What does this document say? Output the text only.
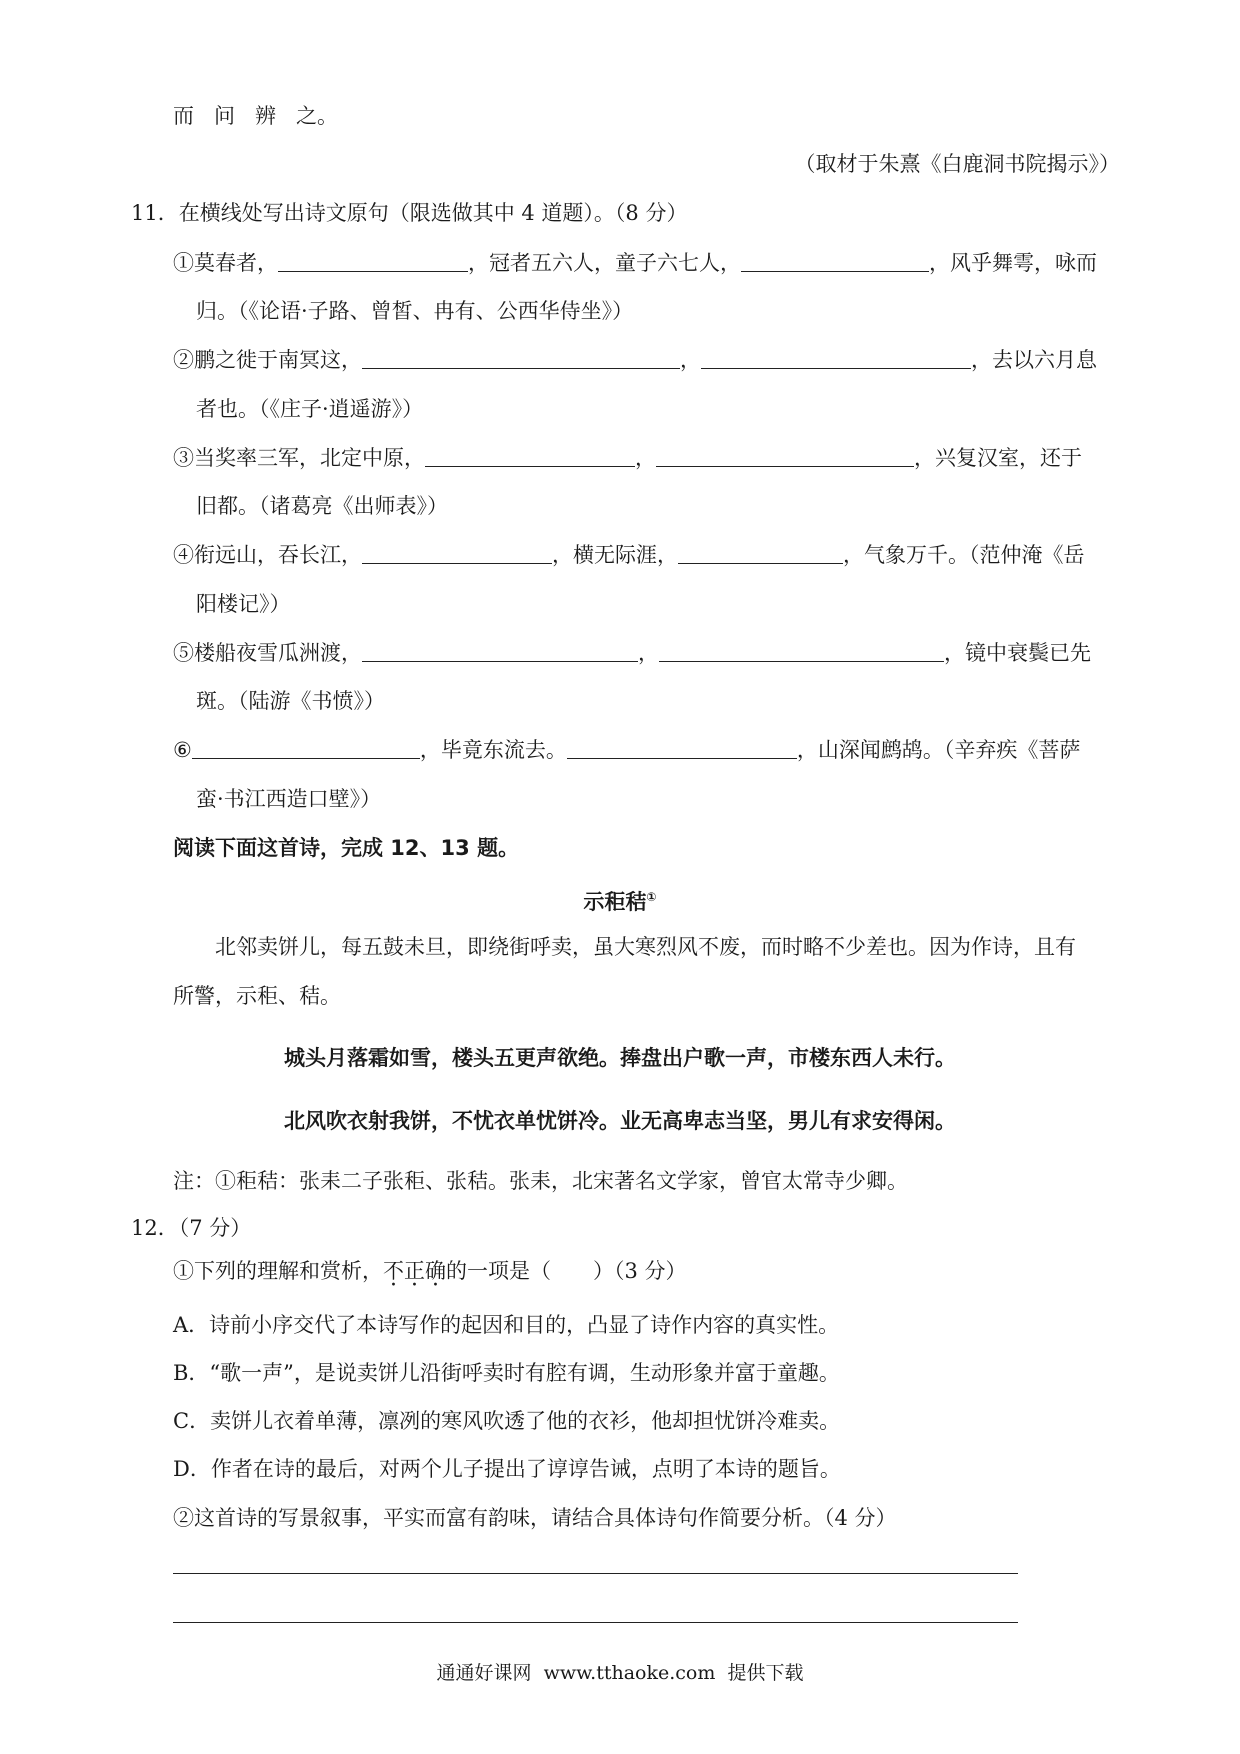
而 问 辨 之。
（取材于朱熹《白鹿洞书院揭示》）
11．在横线处写出诗文原句（限选做其中 4 道题）。（8 分）
①莫春者，	，冠者五六人，童子六七人，	，风乎舞雩，咏而
归。（《论语·子路、曾皙、冉有、公西华侍坐》）
②鹏之徙于南冥这，	，	，去以六月息
者也。（《庄子·逍遥游》）
③当奖率三军，北定中原，	，	，兴复汉室，还于
旧都。（诸葛亮《出师表》）
④衔远山，吞长江，	，横无际涯，	，气象万千。（范仲淹《岳
阳楼记》）
⑤楼船夜雪瓜洲渡，	，	，镜中衰鬓已先
斑。（陆游《书愤》）
⑥	，毕竟东流去。	，山深闻鹧鸪。（辛弃疾《菩萨
蛮·书江西造口壁》）
阅读下面这首诗，完成 12、13 题。
示秬秸①
北邻卖饼儿，每五鼓未旦，即绕街呼卖，虽大寒烈风不废，而时略不少差也。因为作诗，且有
所警，示秬、秸。
城头月落霜如雪，楼头五更声欲绝。捧盘出户歌一声，市楼东西人未行。
北风吹衣射我饼，不忧衣单忧饼冷。业无高卑志当坚，男儿有求安得闲。
注：①秬秸：张耒二子张秬、张秸。张耒，北宋著名文学家，曾官太常寺少卿。
12．（7 分）
①下列的理解和赏析，不正确的一项是（　　）（3 分）
A．诗前小序交代了本诗写作的起因和目的，凸显了诗作内容的真实性。
B．“歌一声”，是说卖饼儿沿街呼卖时有腔有调，生动形象并富于童趣。
C．卖饼儿衣着单薄，凛冽的寒风吹透了他的衣衫，他却担忧饼冷难卖。
D．作者在诗的最后，对两个儿子提出了谆谆告诫，点明了本诗的题旨。
②这首诗的写景叙事，平实而富有韵味，请结合具体诗句作简要分析。（4 分）
通通好课网  www.tthaoke.com  提供下载
